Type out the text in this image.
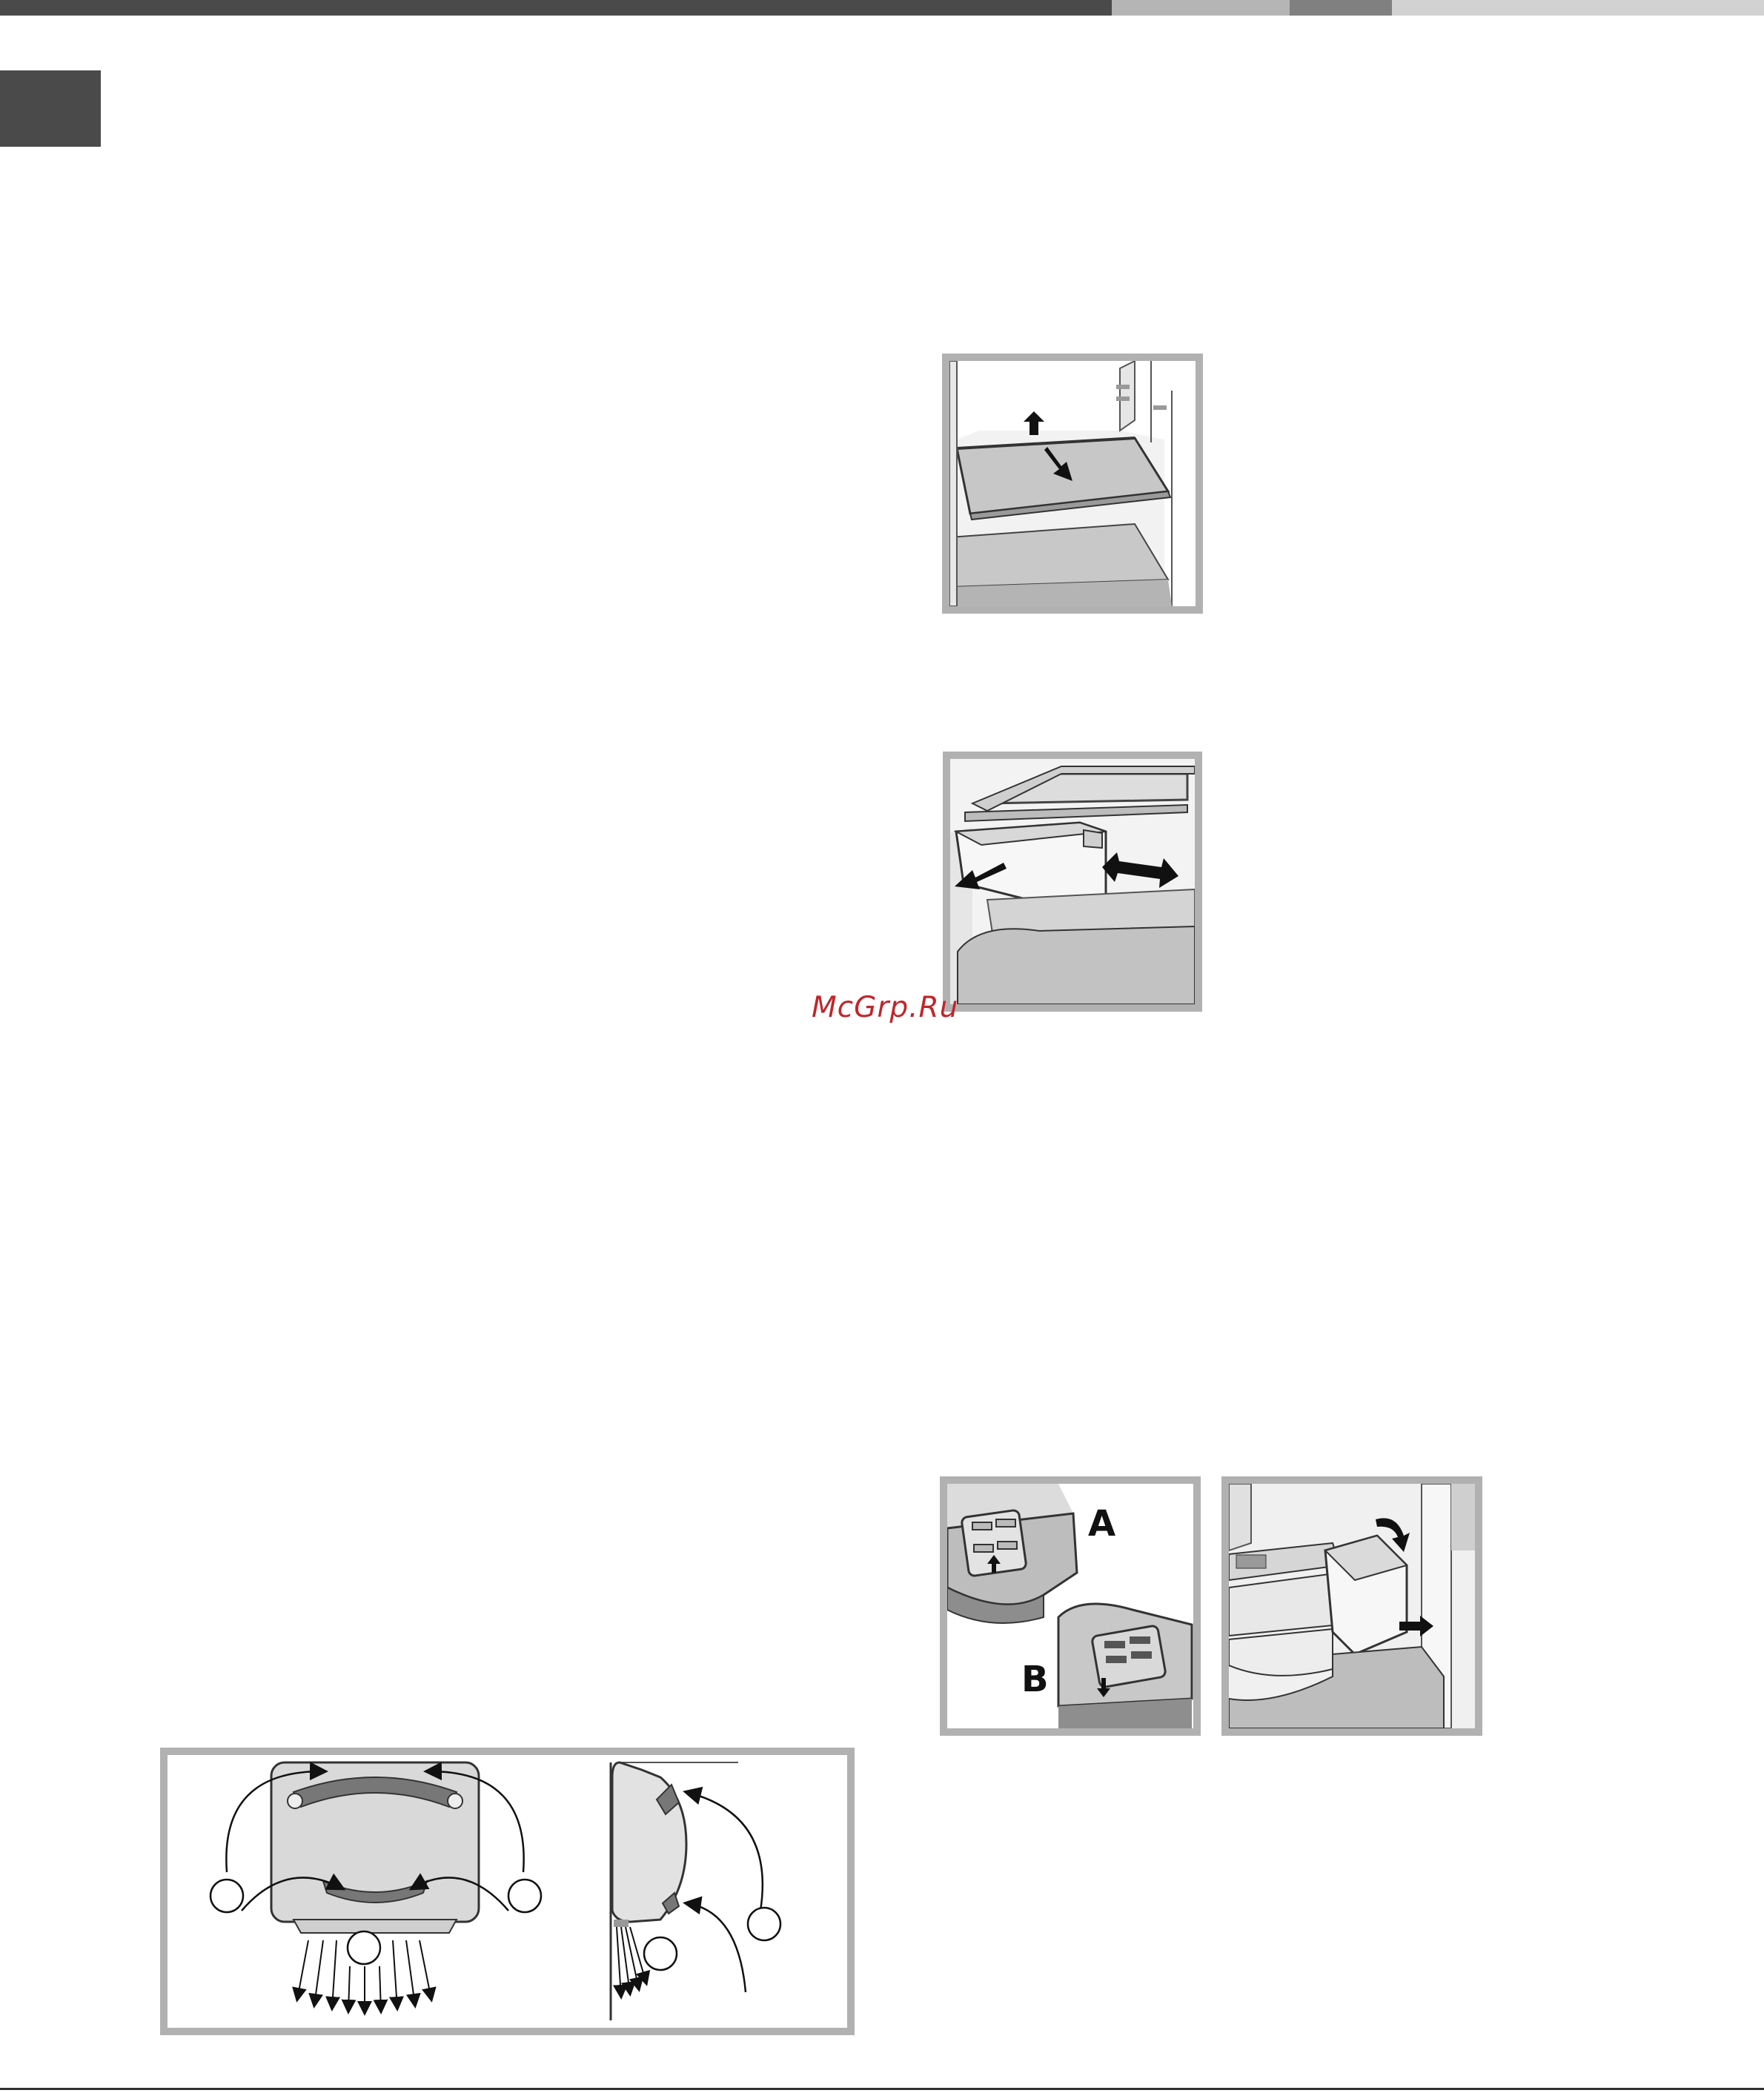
McGrp.Ru
A
B
